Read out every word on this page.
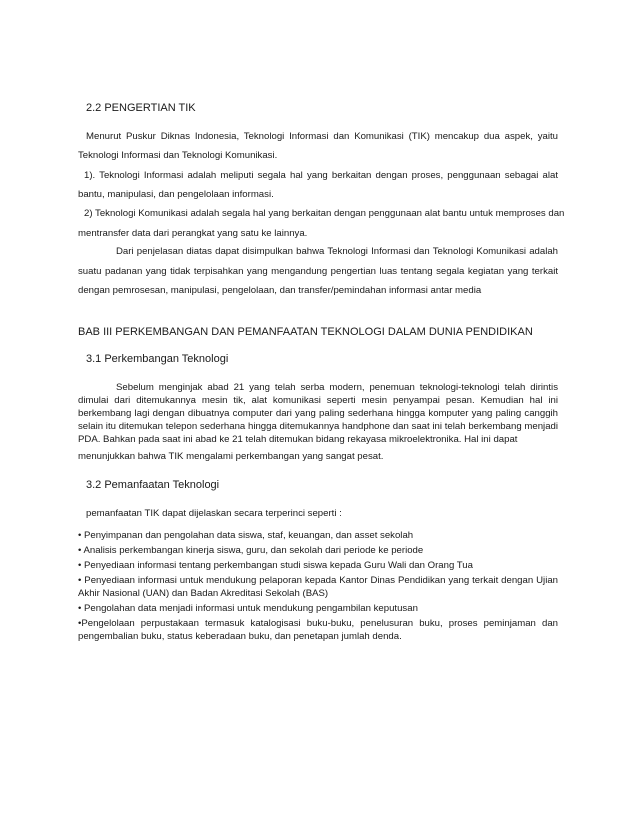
2.2 PENGERTIAN TIK
Menurut Puskur Diknas Indonesia, Teknologi Informasi dan Komunikasi (TIK) mencakup dua aspek, yaitu
Teknologi Informasi dan Teknologi Komunikasi.
1). Teknologi Informasi adalah meliputi segala hal yang berkaitan dengan proses, penggunaan sebagai alat
bantu, manipulasi, dan pengelolaan informasi.
2) Teknologi Komunikasi adalah segala hal yang berkaitan dengan penggunaan alat bantu untuk memproses dan
mentransfer data dari perangkat yang satu ke lainnya.
Dari penjelasan diatas dapat disimpulkan bahwa Teknologi Informasi dan Teknologi Komunikasi adalah
suatu padanan yang tidak terpisahkan yang mengandung pengertian luas tentang segala kegiatan yang terkait
dengan pemrosesan, manipulasi, pengelolaan, dan transfer/pemindahan informasi antar media
BAB III PERKEMBANGAN DAN PEMANFAATAN TEKNOLOGI DALAM DUNIA PENDIDIKAN
3.1 Perkembangan Teknologi
Sebelum menginjak abad 21 yang telah serba modern, penemuan teknologi-teknologi telah dirintis
dimulai dari ditemukannya mesin tik, alat komunikasi seperti mesin penyampai pesan. Kemudian hal ini
berkembang lagi dengan dibuatnya computer dari yang paling sederhana hingga komputer yang paling canggih
selain itu ditemukan telepon sederhana hingga ditemukannya handphone dan saat ini telah berkembang menjadi
PDA. Bahkan pada saat ini abad ke 21 telah ditemukan bidang rekayasa mikroelektronika. Hal ini dapat
menunjukkan bahwa TIK mengalami perkembangan yang sangat pesat.
3.2 Pemanfaatan Teknologi
pemanfaatan TIK dapat dijelaskan secara terperinci seperti :
• Penyimpanan dan pengolahan data siswa, staf, keuangan, dan asset sekolah
• Analisis perkembangan kinerja siswa, guru, dan sekolah dari periode ke periode
• Penyediaan informasi tentang perkembangan studi siswa kepada Guru Wali dan Orang Tua
• Penyediaan informasi untuk mendukung pelaporan kepada Kantor Dinas Pendidikan yang terkait dengan Ujian
Akhir Nasional (UAN) dan Badan Akreditasi Sekolah (BAS)
• Pengolahan data menjadi informasi untuk mendukung pengambilan keputusan
•Pengelolaan perpustakaan termasuk katalogisasi buku-buku, penelusuran buku, proses peminjaman dan
pengembalian buku, status keberadaan buku, dan penetapan jumlah denda.
